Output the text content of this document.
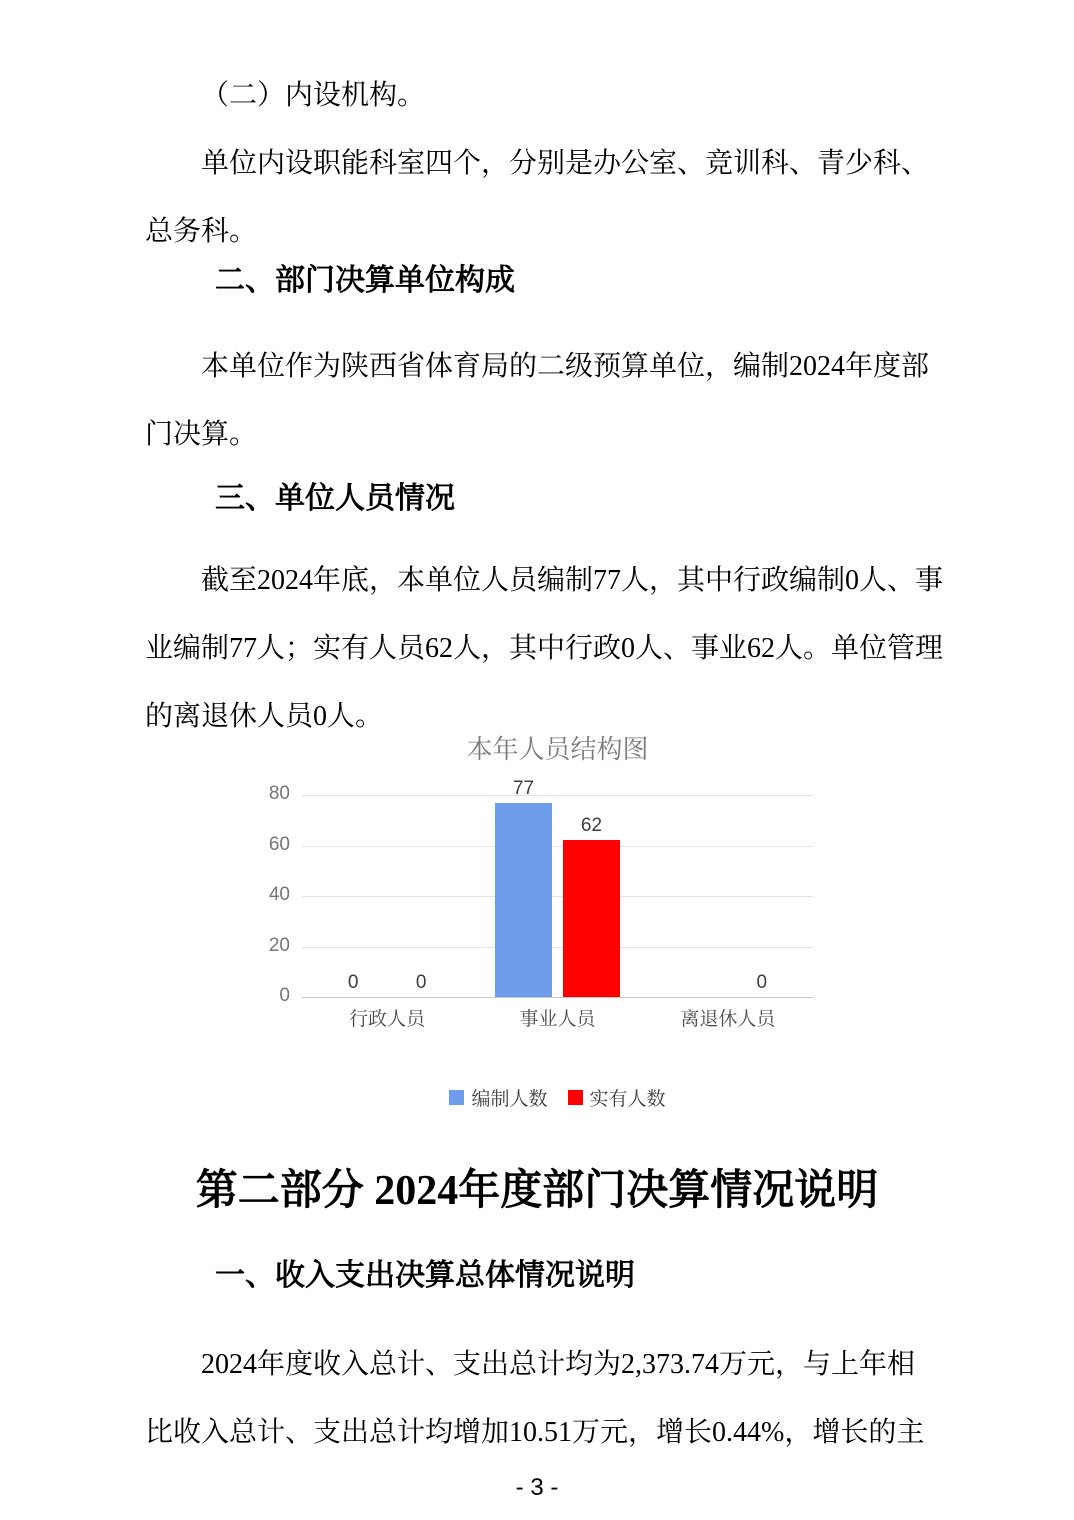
（二）内设机构。
单位内设职能科室四个，分别是办公室、竞训科、青少科、
总务科。
二、部门决算单位构成
本单位作为陕西省体育局的二级预算单位，编制2024年度部
门决算。
三、单位人员情况
截至2024年底，本单位人员编制77人，其中行政编制0人、事
业编制77人；实有人员62人，其中行政0人、事业62人。单位管理
的离退休人员0人。
本年人员结构图
0
20
40
60
80
行政人员
0	0
事业人员
77
62
离退休人员
0
编制人数 实有人数
第二部分 2024年度部门决算情况说明
一、收入支出决算总体情况说明
2024年度收入总计、支出总计均为2,373.74万元，与上年相
比收入总计、支出总计均增加10.51万元，增长0.44%，增长的主
- 3 -
